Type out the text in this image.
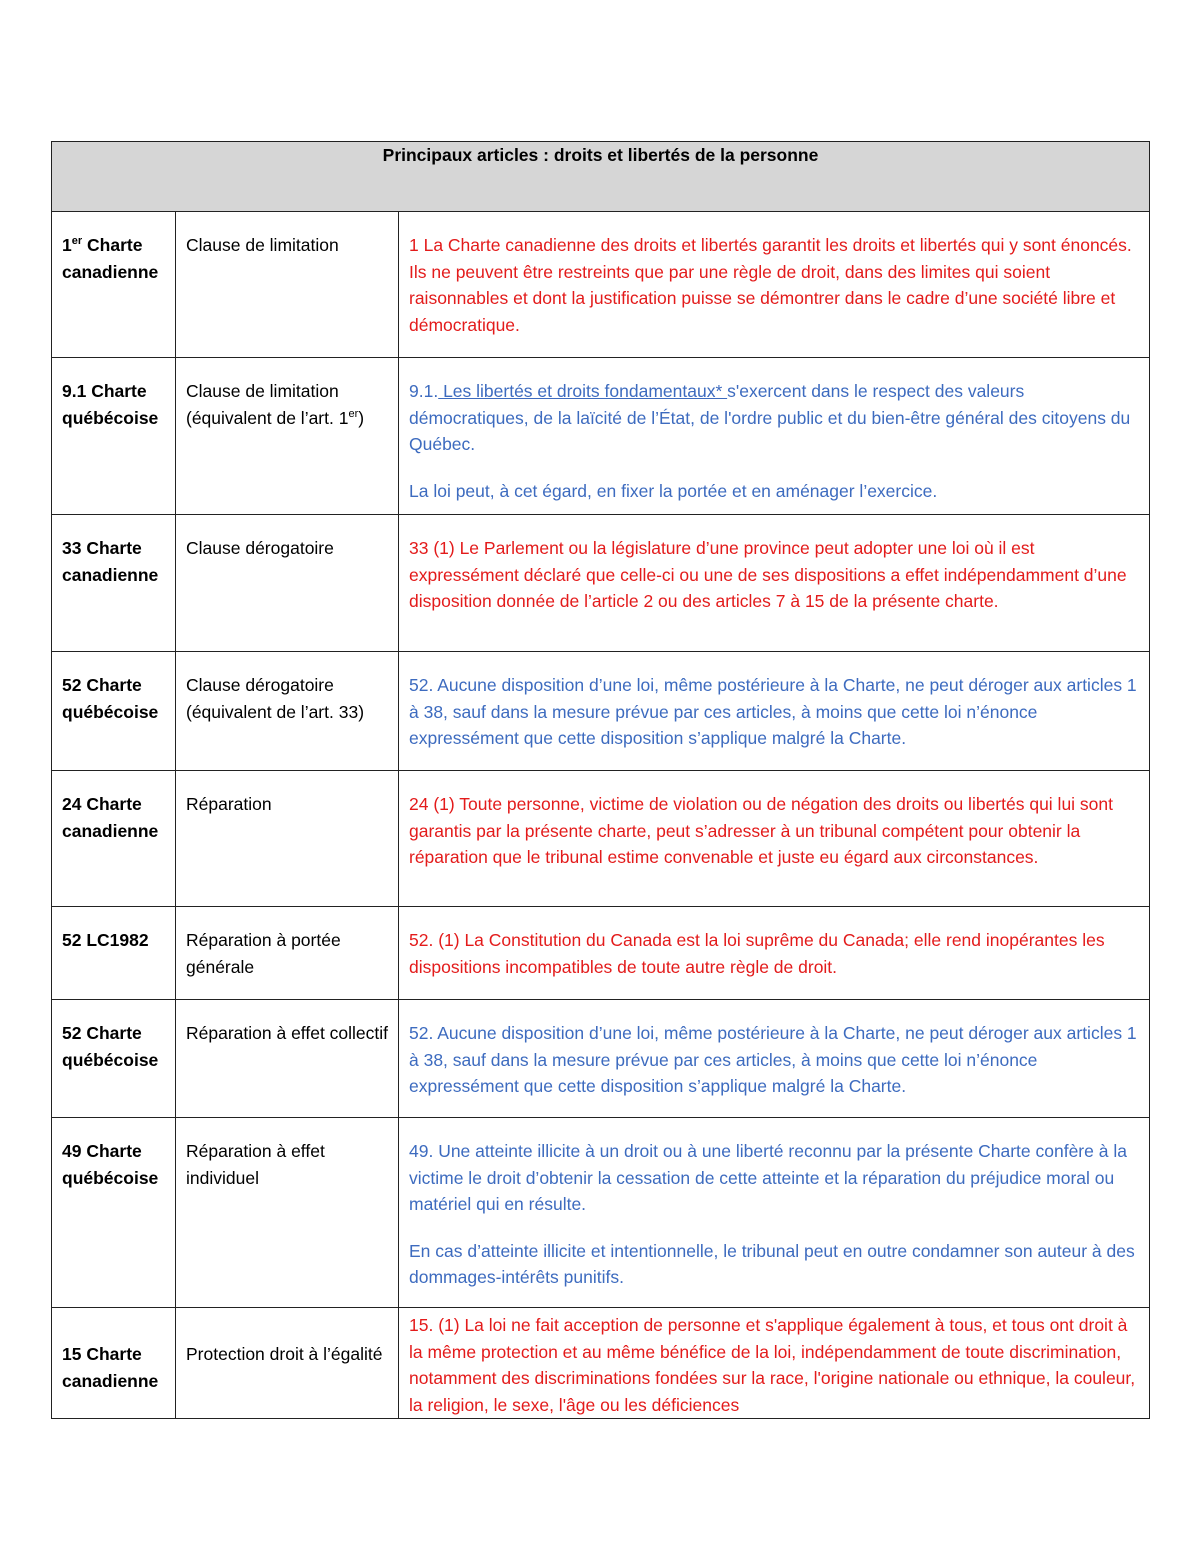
Principaux articles : droits et libertés de la personne		
1er Charte canadienne	Clause de limitation	1 La Charte canadienne des droits et libertés garantit les droits et libertés qui y sont énoncés. Ils ne peuvent être restreints que par une règle de droit, dans des limites qui soient raisonnables et dont la justification puisse se démontrer dans le cadre d’une société libre et démocratique.
9.1 Charte québécoise	Clause de limitation (équivalent de l’art. 1er)	9.1. Les libertés et droits fondamentaux* s'exercent dans le respect des valeurs démocratiques, de la laïcité de l’État, de l'ordre public et du bien-être général des citoyens du Québec.

La loi peut, à cet égard, en fixer la portée et en aménager l’exercice.

33 Charte canadienne	Clause dérogatoire	33 (1) Le Parlement ou la législature d’une province peut adopter une loi où il est expressément déclaré que celle-ci ou une de ses dispositions a effet indépendamment d’une disposition donnée de l’article 2 ou des articles 7 à 15 de la présente charte.
52 Charte québécoise	Clause dérogatoire (équivalent de l’art. 33)	52. Aucune disposition d’une loi, même postérieure à la Charte, ne peut déroger aux articles 1 à 38, sauf dans la mesure prévue par ces articles, à moins que cette loi n’énonce expressément que cette disposition s’applique malgré la Charte.
24 Charte canadienne	Réparation	24 (1) Toute personne, victime de violation ou de négation des droits ou libertés qui lui sont garantis par la présente charte, peut s’adresser à un tribunal compétent pour obtenir la réparation que le tribunal estime convenable et juste eu égard aux circonstances.
52 LC1982	Réparation à portée générale	52. (1) La Constitution du Canada est la loi suprême du Canada; elle rend inopérantes les dispositions incompatibles de toute autre règle de droit.
52 Charte québécoise	Réparation à effet collectif	52. Aucune disposition d’une loi, même postérieure à la Charte, ne peut déroger aux articles 1 à 38, sauf dans la mesure prévue par ces articles, à moins que cette loi n’énonce expressément que cette disposition s’applique malgré la Charte.
49 Charte québécoise	Réparation à effet individuel	49. Une atteinte illicite à un droit ou à une liberté reconnu par la présente Charte confère à la victime le droit d’obtenir la cessation de cette atteinte et la réparation du préjudice moral ou matériel qui en résulte.

En cas d’atteinte illicite et intentionnelle, le tribunal peut en outre condamner son auteur à des dommages-intérêts punitifs.

15 Charte canadienne	Protection droit à l’égalité	15. (1) La loi ne fait acception de personne et s'applique également à tous, et tous ont droit à la même protection et au même bénéfice de la loi, indépendamment de toute discrimination, notamment des discriminations fondées sur la race, l'origine nationale ou ethnique, la couleur, la religion, le sexe, l'âge ou les déficiences
